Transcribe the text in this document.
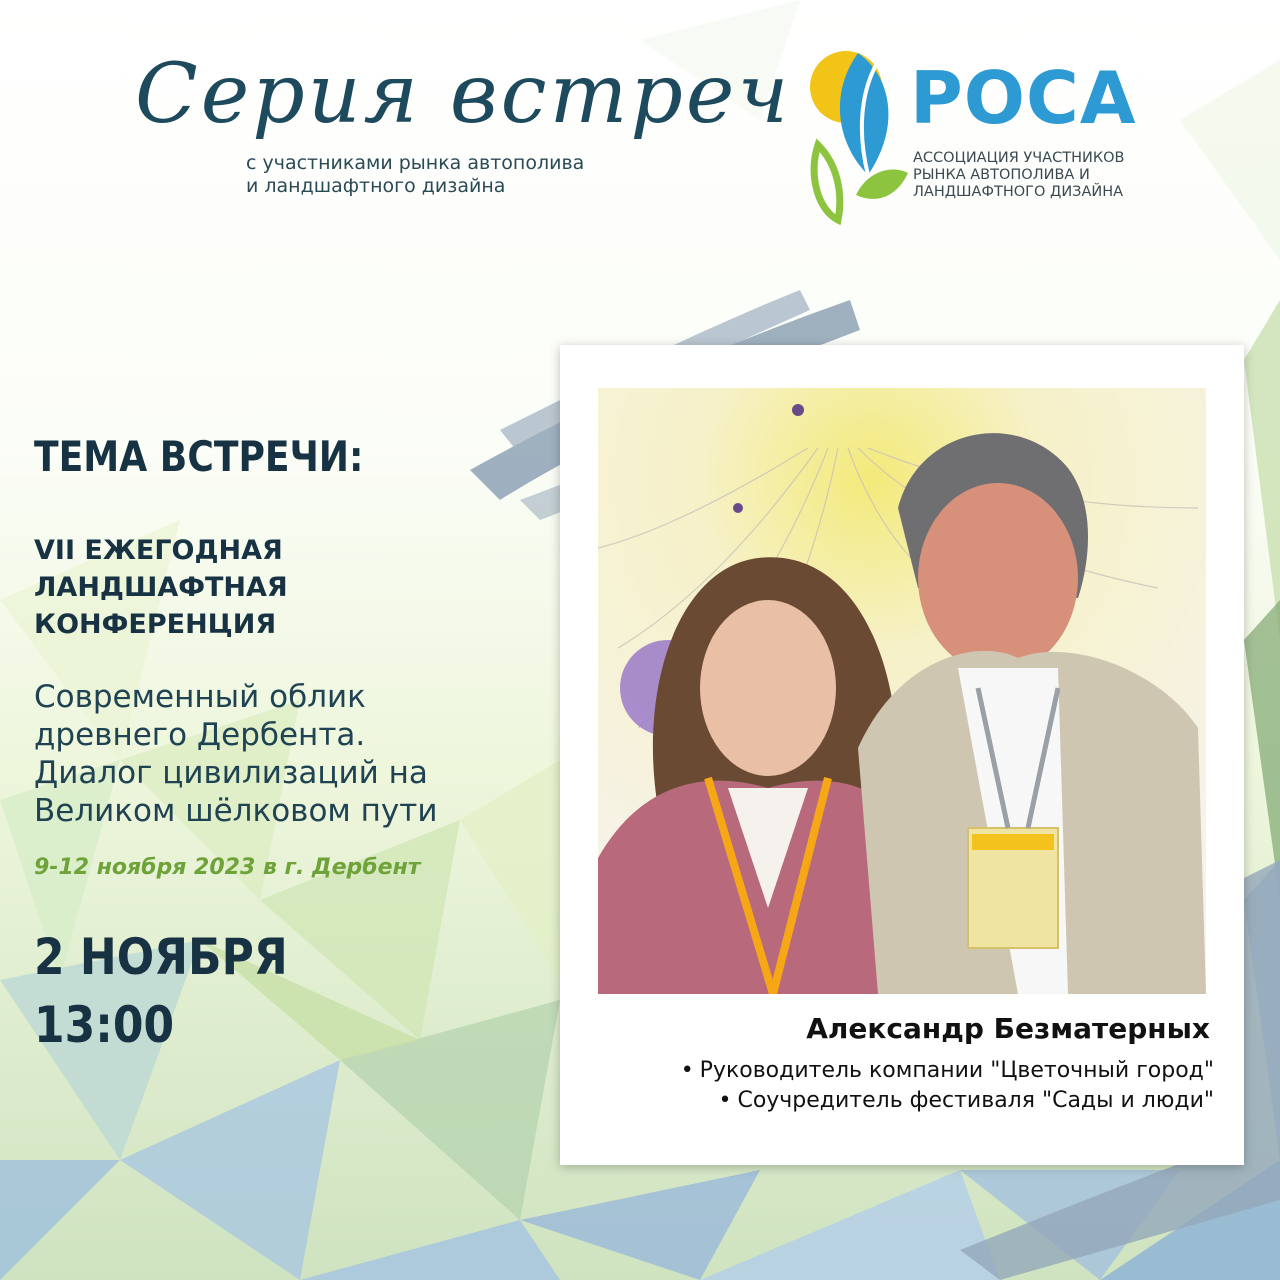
Серия встреч
с участниками рынка автополива
и ландшафтного дизайна
РОСА
АССОЦИАЦИЯ УЧАСТНИКОВ
РЫНКА АВТОПОЛИВА И
ЛАНДШАФТНОГО ДИЗАЙНА
ТЕМА ВСТРЕЧИ:
VII ЕЖЕГОДНАЯ
ЛАНДШАФТНАЯ
КОНФЕРЕНЦИЯ
Современный облик
древнего Дербента.
Диалог цивилизаций на
Великом шёлковом пути
9-12 ноября 2023 в г. Дербент
2 НОЯБРЯ
13:00	Александр Безматерных
• Руководитель компании "Цветочный город"
• Соучредитель фестиваля "Сады и люди"
